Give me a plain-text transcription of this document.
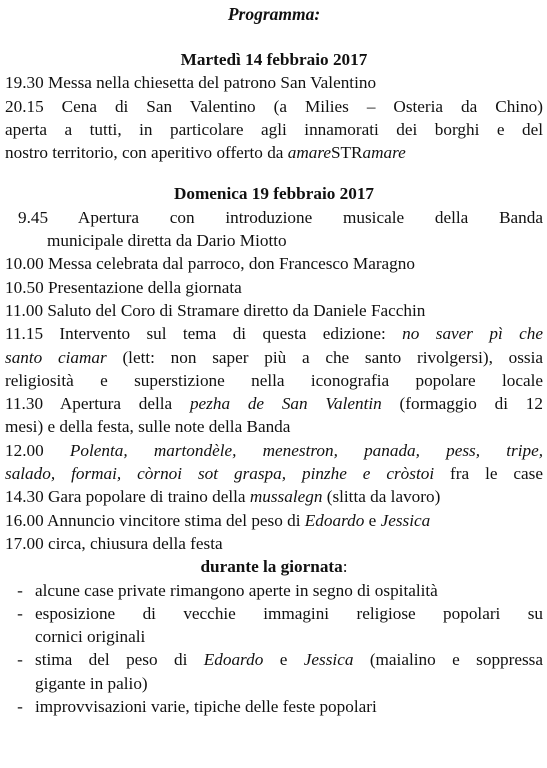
Programma:
Martedì 14 febbraio 2017
19.30 Messa nella chiesetta del patrono San Valentino
20.15 Cena di San Valentino (a Milies – Osteria da Chino)
aperta a tutti, in particolare agli innamorati dei borghi e del
nostro territorio, con aperitivo offerto da amareSTRamare
Domenica 19 febbraio 2017
9.45 Apertura con introduzione musicale della Banda
municipale diretta da Dario Miotto
10.00 Messa celebrata dal parroco, don Francesco Maragno
10.50 Presentazione della giornata
11.00 Saluto del Coro di Stramare diretto da Daniele Facchin
11.15 Intervento sul tema di questa edizione: no saver pì che
santo ciamar (lett: non saper più a che santo rivolgersi), ossia
religiosità e superstizione nella iconografia popolare locale
11.30 Apertura della pezha de San Valentin (formaggio di 12
mesi) e della festa, sulle note della Banda
12.00 Polenta, martondèle, menestron, panada, pess, tripe,
salado, formai, còrnoi sot graspa, pinzhe e cròstoi fra le case
14.30 Gara popolare di traino della mussalegn (slitta da lavoro)
16.00 Annuncio vincitore stima del peso di Edoardo e Jessica
17.00 circa, chiusura della festa
durante la giornata:
- alcune case private rimangono aperte in segno di ospitalità
- esposizione di vecchie immagini religiose popolari su
cornici originali
- stima del peso di Edoardo e Jessica (maialino e soppressa
gigante in palio)
- improvvisazioni varie, tipiche delle feste popolari
